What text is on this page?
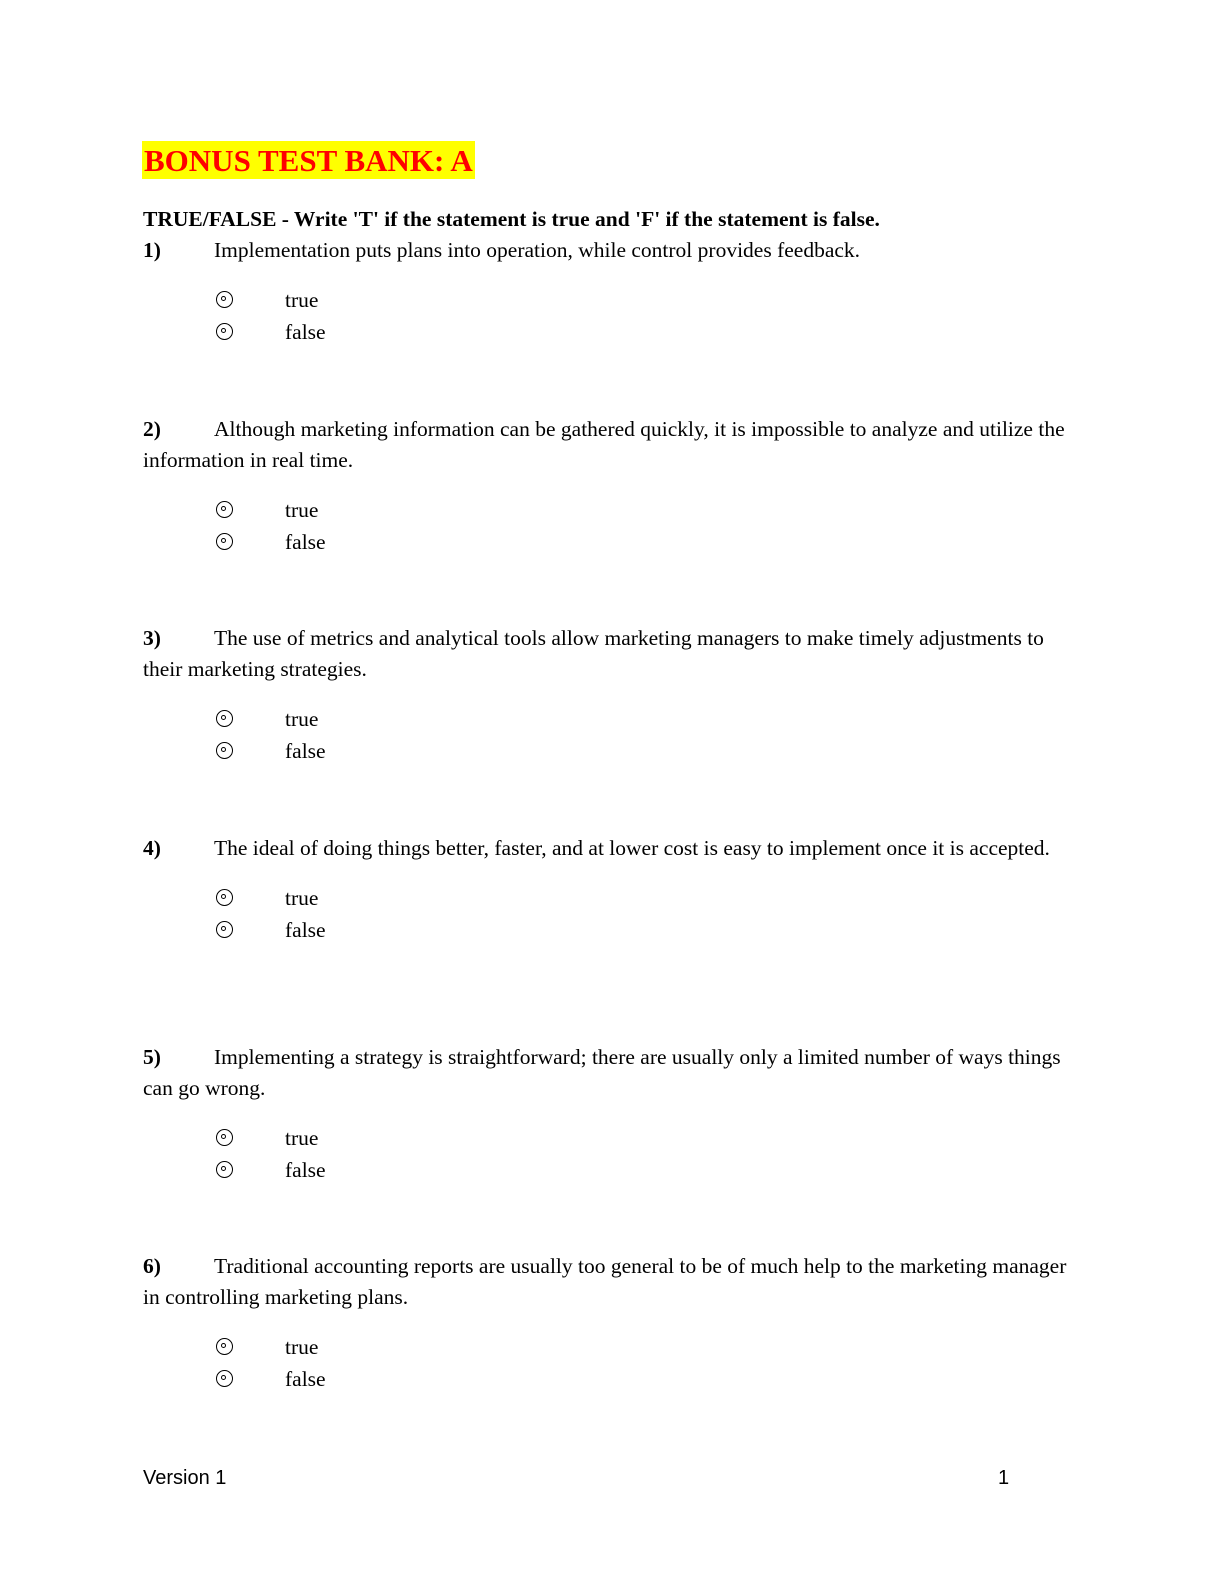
BONUS TEST BANK: A
TRUE/FALSE - Write 'T' if the statement is true and 'F' if the statement is false.

1) Implementation puts plans into operation, while control provides feedback.

true
false

2) Although marketing information can be gathered quickly, it is impossible to analyze and utilize the information in real time.

true
false

3) The use of metrics and analytical tools allow marketing managers to make timely adjustments to their marketing strategies.

true
false

4) The ideal of doing things better, faster, and at lower cost is easy to implement once it is accepted.

true
false

5) Implementing a strategy is straightforward; there are usually only a limited number of ways things can go wrong.

true
false

6) Traditional accounting reports are usually too general to be of much help to the marketing manager in controlling marketing plans.

true
false
Version 1	1
